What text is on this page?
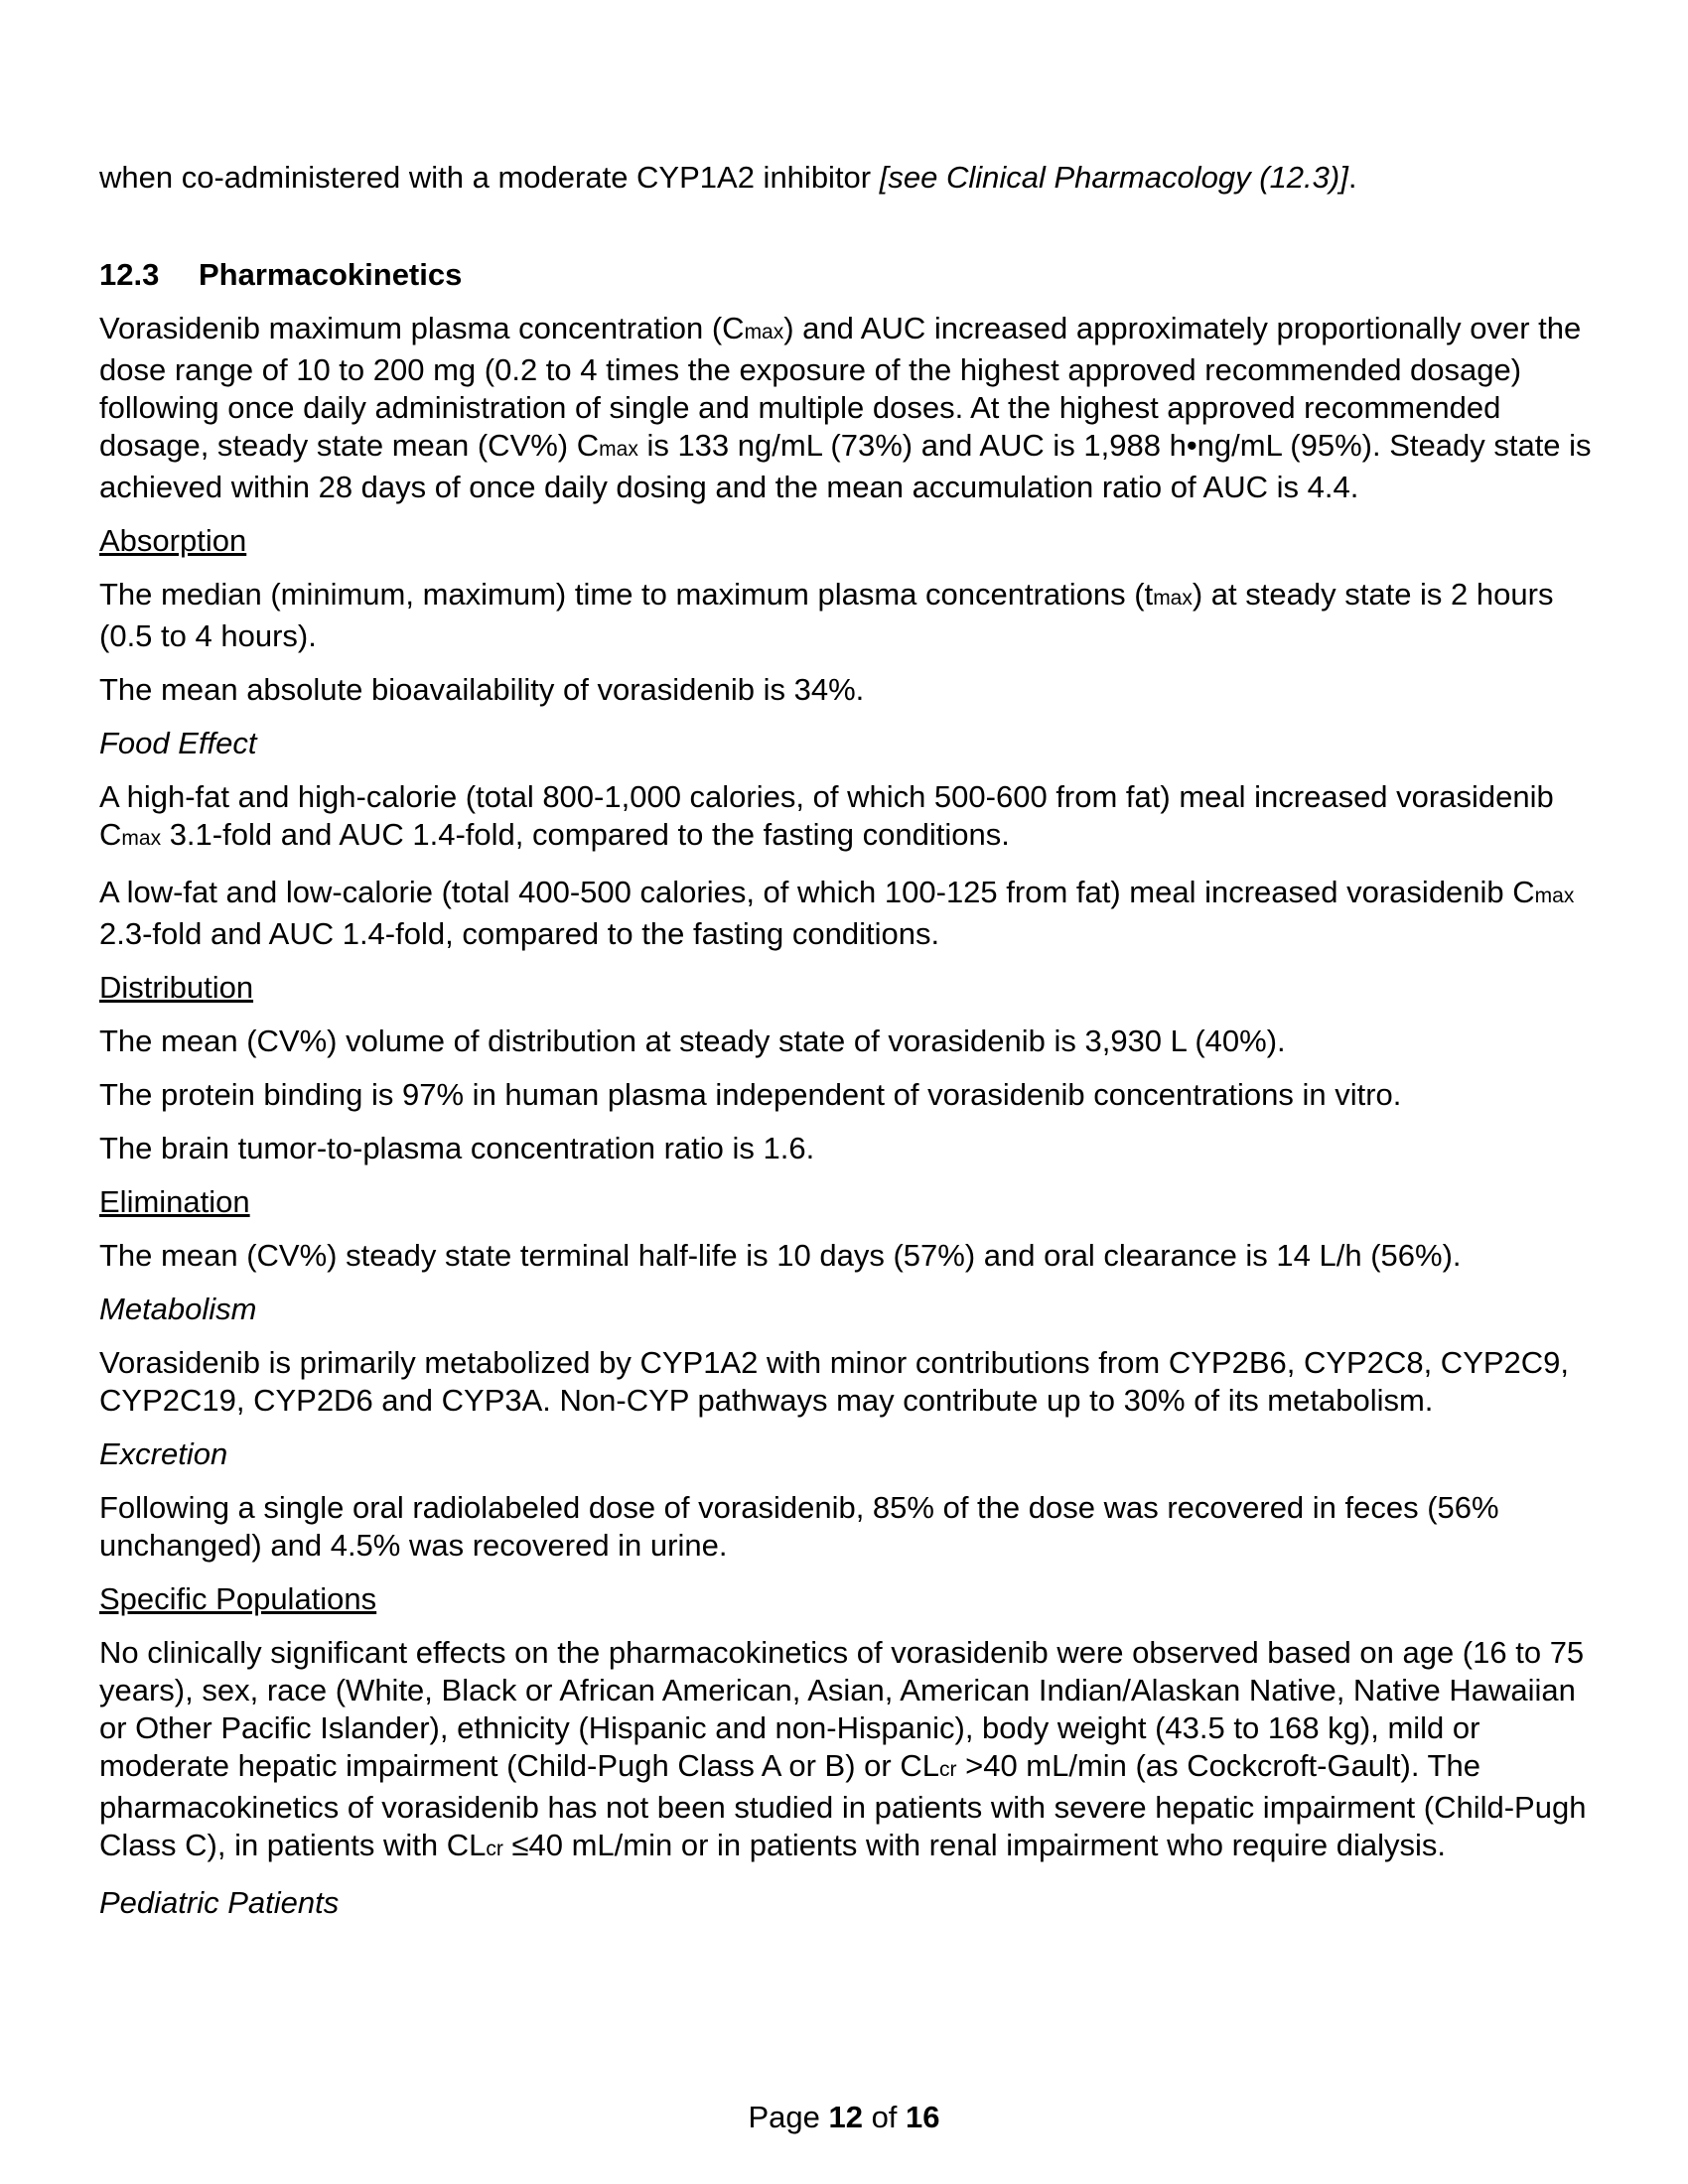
when co-administered with a moderate CYP1A2 inhibitor [see Clinical Pharmacology (12.3)].

12.3 Pharmacokinetics

Vorasidenib maximum plasma concentration (Cmax) and AUC increased approximately proportionally over the dose range of 10 to 200 mg (0.2 to 4 times the exposure of the highest approved recommended dosage) following once daily administration of single and multiple doses. At the highest approved recommended dosage, steady state mean (CV%) Cmax is 133 ng/mL (73%) and AUC is 1,988 h•ng/mL (95%). Steady state is achieved within 28 days of once daily dosing and the mean accumulation ratio of AUC is 4.4.

Absorption

The median (minimum, maximum) time to maximum plasma concentrations (tmax) at steady state is 2 hours (0.5 to 4 hours).

The mean absolute bioavailability of vorasidenib is 34%.

Food Effect

A high-fat and high-calorie (total 800-1,000 calories, of which 500-600 from fat) meal increased vorasidenib Cmax 3.1-fold and AUC 1.4-fold, compared to the fasting conditions.

A low-fat and low-calorie (total 400-500 calories, of which 100-125 from fat) meal increased vorasidenib Cmax 2.3-fold and AUC 1.4-fold, compared to the fasting conditions.

Distribution

The mean (CV%) volume of distribution at steady state of vorasidenib is 3,930 L (40%).

The protein binding is 97% in human plasma independent of vorasidenib concentrations in vitro.

The brain tumor-to-plasma concentration ratio is 1.6.

Elimination

The mean (CV%) steady state terminal half-life is 10 days (57%) and oral clearance is 14 L/h (56%).

Metabolism

Vorasidenib is primarily metabolized by CYP1A2 with minor contributions from CYP2B6, CYP2C8, CYP2C9, CYP2C19, CYP2D6 and CYP3A. Non-CYP pathways may contribute up to 30% of its metabolism.

Excretion

Following a single oral radiolabeled dose of vorasidenib, 85% of the dose was recovered in feces (56% unchanged) and 4.5% was recovered in urine.

Specific Populations

No clinically significant effects on the pharmacokinetics of vorasidenib were observed based on age (16 to 75 years), sex, race (White, Black or African American, Asian, American Indian/Alaskan Native, Native Hawaiian or Other Pacific Islander), ethnicity (Hispanic and non-Hispanic), body weight (43.5 to 168 kg), mild or moderate hepatic impairment (Child-Pugh Class A or B) or CLcr >40 mL/min (as Cockcroft-Gault). The pharmacokinetics of vorasidenib has not been studied in patients with severe hepatic impairment (Child-Pugh Class C), in patients with CLcr ≤40 mL/min or in patients with renal impairment who require dialysis.

Pediatric Patients

Page 12 of 16
